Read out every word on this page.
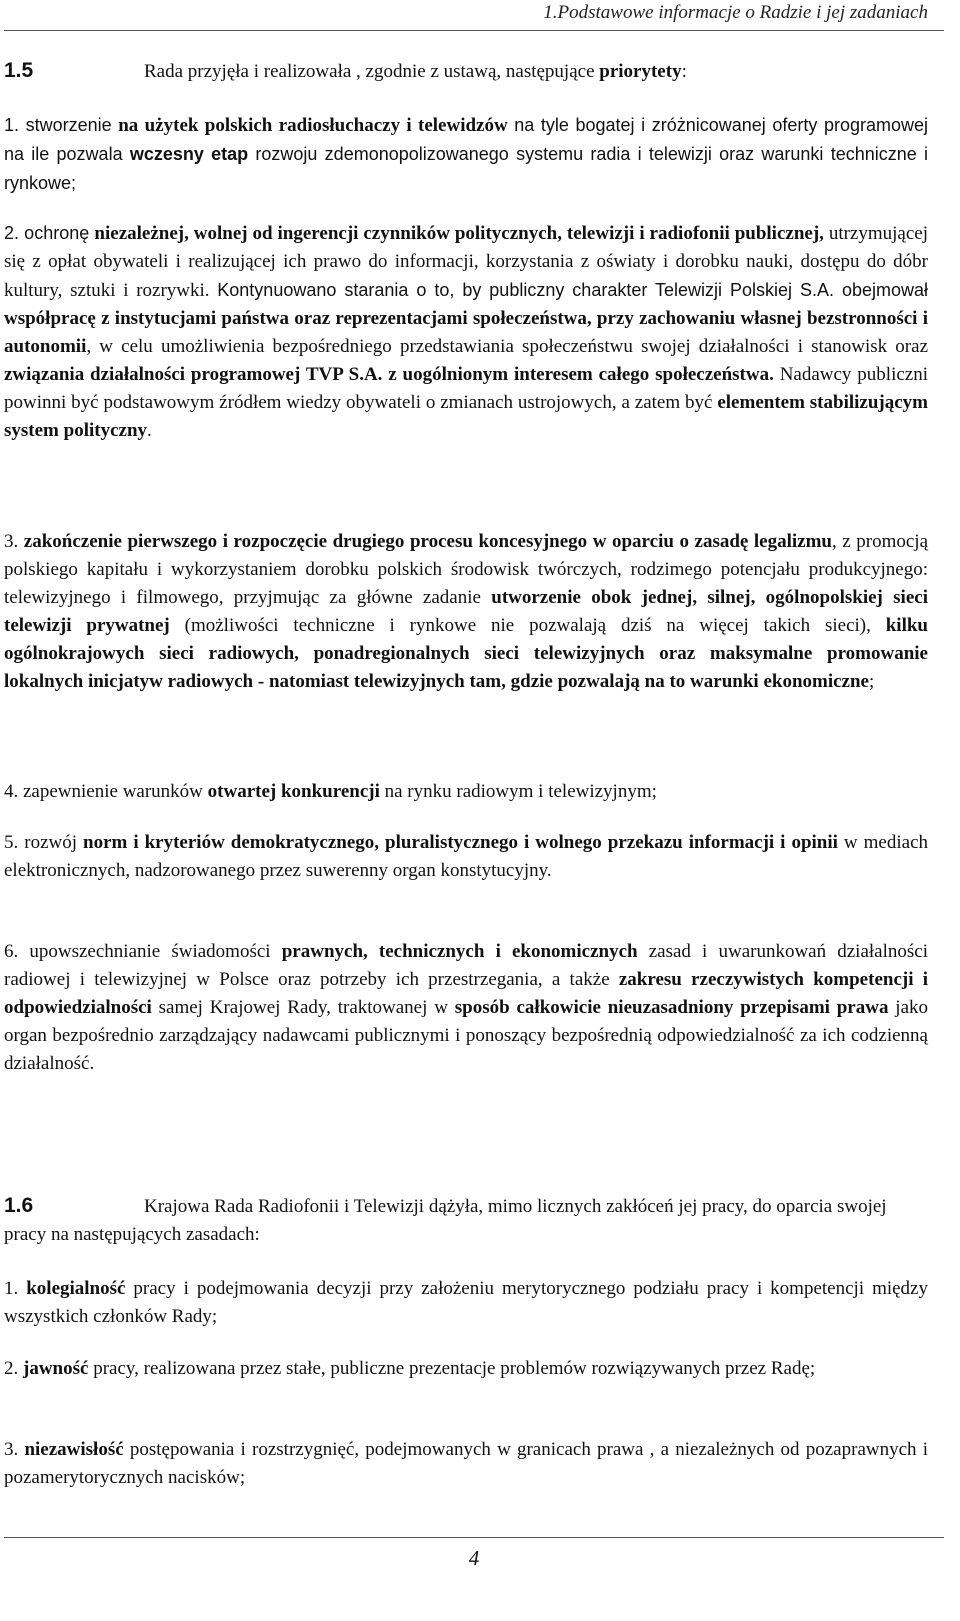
1.Podstawowe informacje o Radzie i jej zadaniach
1.5	Rada przyjęła i realizowała , zgodnie z ustawą, następujące priorytety:
1. stworzenie na użytek polskich radiosłuchaczy i telewidzów na tyle bogatej i zróżnicowanej oferty programowej na ile pozwala wczesny etap rozwoju zdemonopolizowanego systemu radia i telewizji oraz warunki techniczne i rynkowe;
2. ochronę niezależnej, wolnej od ingerencji czynników politycznych, telewizji i radiofonii publicznej, utrzymującej się z opłat obywateli i realizującej ich prawo do informacji, korzystania z oświaty i dorobku nauki, dostępu do dóbr kultury, sztuki i rozrywki. Kontynuowano starania o to, by publiczny charakter Telewizji Polskiej S.A. obejmował współpracę z instytucjami państwa oraz reprezentacjami społeczeństwa, przy zachowaniu własnej bezstronności i autonomii, w celu umożliwienia bezpośredniego przedstawiania społeczeństwu swojej działalności i stanowisk oraz związania działalności programowej TVP S.A. z uogólnionym interesem całego społeczeństwa. Nadawcy publiczni powinni być podstawowym źródłem wiedzy obywateli o zmianach ustrojowych, a zatem być elementem stabilizującym system polityczny.
3. zakończenie pierwszego i rozpoczęcie drugiego procesu koncesyjnego w oparciu o zasadę legalizmu, z promocją polskiego kapitału i wykorzystaniem dorobku polskich środowisk twórczych, rodzimego potencjału produkcyjnego: telewizyjnego i filmowego, przyjmując za główne zadanie utworzenie obok jednej, silnej, ogólnopolskiej sieci telewizji prywatnej (możliwości techniczne i rynkowe nie pozwalają dziś na więcej takich sieci), kilku ogólnokrajowych sieci radiowych, ponadregionalnych sieci telewizyjnych oraz maksymalne promowanie lokalnych inicjatyw radiowych - natomiast telewizyjnych tam, gdzie pozwalają na to warunki ekonomiczne;
4. zapewnienie warunków otwartej konkurencji na rynku radiowym i telewizyjnym;
5. rozwój norm i kryteriów demokratycznego, pluralistycznego i wolnego przekazu informacji i opinii w mediach elektronicznych, nadzorowanego przez suwerenny organ konstytucyjny.
6. upowszechnianie świadomości prawnych, technicznych i ekonomicznych zasad i uwarunkowań działalności radiowej i telewizyjnej w Polsce oraz potrzeby ich przestrzegania, a także zakresu rzeczywistych kompetencji i odpowiedzialności samej Krajowej Rady, traktowanej w sposób całkowicie nieuzasadniony przepisami prawa jako organ bezpośrednio zarządzający nadawcami publicznymi i ponoszący bezpośrednią odpowiedzialność za ich codzienną działalność.
1.6	Krajowa Rada Radiofonii i Telewizji dążyła, mimo licznych zakłóceń jej pracy, do oparcia swojej pracy na następujących zasadach:
1. kolegialność pracy i podejmowania decyzji przy założeniu merytorycznego podziału pracy i kompetencji między wszystkich członków Rady;
2. jawność pracy, realizowana przez stałe, publiczne prezentacje problemów rozwiązywanych przez Radę;
3. niezawisłość postępowania i rozstrzygnięć, podejmowanych w granicach prawa , a niezależnych od pozaprawnych i pozamerytorycznych nacisków;
4
